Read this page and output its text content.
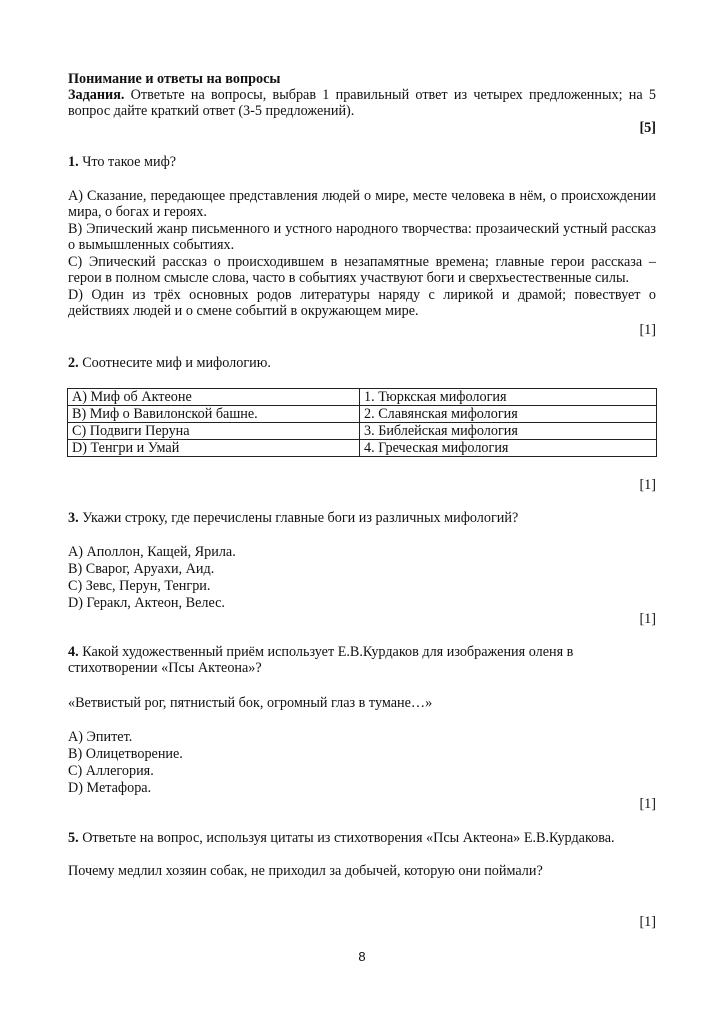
Понимание и ответы на вопросы

Задания. Ответьте на вопросы, выбрав 1 правильный ответ из четырех предложенных; на 5 вопрос дайте краткий ответ (3-5 предложений).

[5]

1. Что такое миф?

A) Сказание, передающее представления людей о мире, месте человека в нём, о происхождении мира, о богах и героях.

B) Эпический жанр письменного и устного народного творчества: прозаический устный рассказ о вымышленных событиях.

C) Эпический рассказ о происходившем в незапамятные времена; главные герои рассказа – герои в полном смысле слова, часто в событиях участвуют боги и сверхъестественные силы.

D) Один из трёх основных родов литературы наряду с лирикой и драмой; повествует о действиях людей и о смене событий в окружающем мире.

[1]

2. Соотнесите миф и мифологию.

A) Миф об Актеоне	1. Тюркская мифология
B) Миф о Вавилонской башне.	2. Славянская мифология
C) Подвиги Перуна	3. Библейская мифология
D) Тенгри и Умай	4. Греческая мифология

[1]

3. Укажи строку, где перечислены главные боги из различных мифологий?

A) Аполлон, Кащей, Ярила.

B) Сварог, Аруахи, Аид.

C) Зевс, Перун, Тенгри.

D) Геракл, Актеон, Велес.

[1]

4. Какой художественный приём использует Е.В.Курдаков для изображения оленя в стихотворении «Псы Актеона»?

«Ветвистый рог, пятнистый бок, огромный глаз в тумане…»

A) Эпитет.

B) Олицетворение.

C) Аллегория.

D) Метафора.

[1]

5. Ответьте на вопрос, используя цитаты из стихотворения «Псы Актеона» Е.В.Курдакова.

Почему медлил хозяин собак, не приходил за добычей, которую они поймали?

[1]

8
